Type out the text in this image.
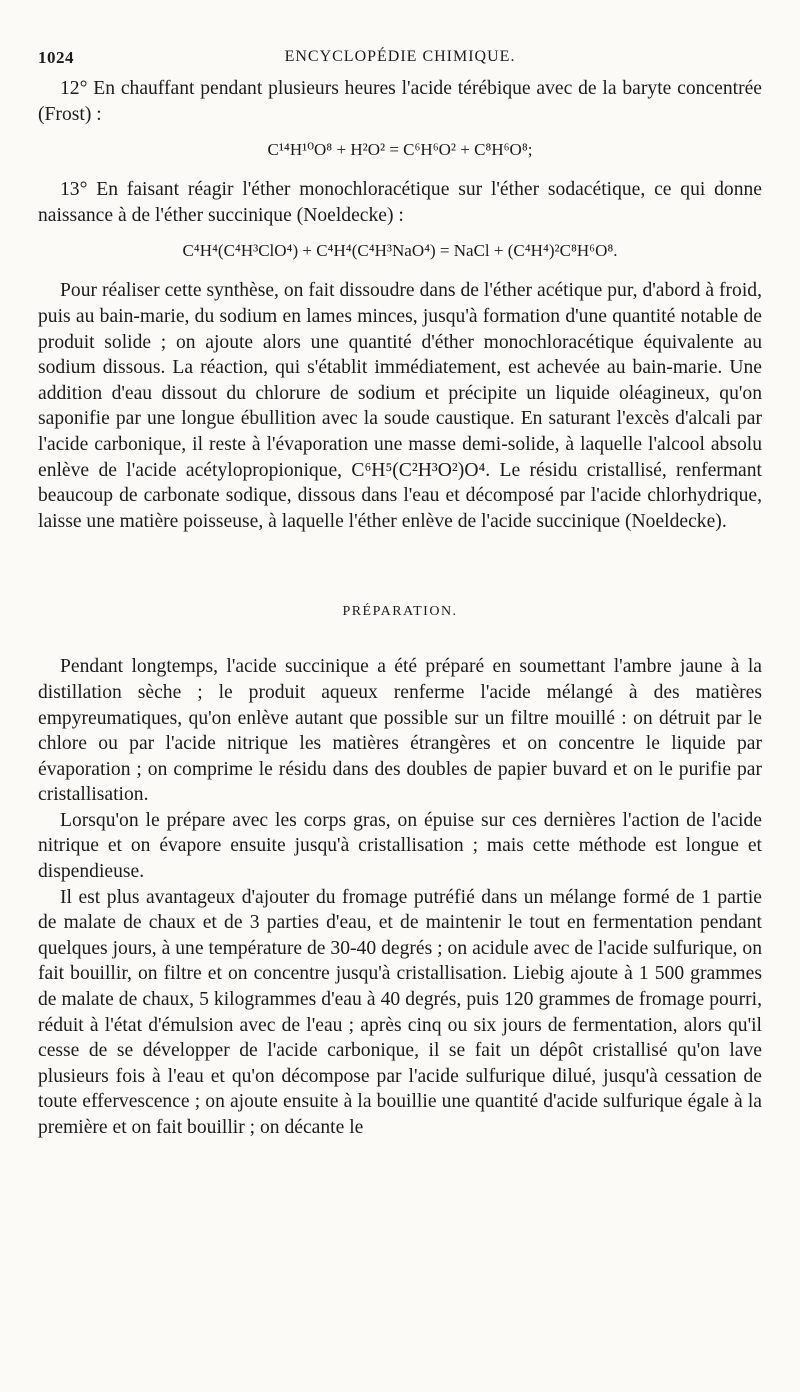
1024	ENCYCLOPÉDIE CHIMIQUE.

12° En chauffant pendant plusieurs heures l'acide térébique avec de la baryte concentrée (Frost) :

C¹⁴H¹⁰O⁸ + H²O² = C⁶H⁶O² + C⁸H⁶O⁸;

13° En faisant réagir l'éther monochloracétique sur l'éther sodacétique, ce qui donne naissance à de l'éther succinique (Noeldecke) :

C⁴H⁴(C⁴H³ClO⁴) + C⁴H⁴(C⁴H³NaO⁴) = NaCl + (C⁴H⁴)²C⁸H⁶O⁸.

Pour réaliser cette synthèse, on fait dissoudre dans de l'éther acétique pur, d'abord à froid, puis au bain-marie, du sodium en lames minces, jusqu'à formation d'une quantité notable de produit solide ; on ajoute alors une quantité d'éther monochloracétique équivalente au sodium dissous. La réaction, qui s'établit immédiatement, est achevée au bain-marie. Une addition d'eau dissout du chlorure de sodium et précipite un liquide oléagineux, qu'on saponifie par une longue ébullition avec la soude caustique. En saturant l'excès d'alcali par l'acide carbonique, il reste à l'évaporation une masse demi-solide, à laquelle l'alcool absolu enlève de l'acide acétylopropionique, C⁶H⁵(C²H³O²)O⁴. Le résidu cristallisé, renfermant beaucoup de carbonate sodique, dissous dans l'eau et décomposé par l'acide chlorhydrique, laisse une matière poisseuse, à laquelle l'éther enlève de l'acide succinique (Noeldecke).

PRÉPARATION.

Pendant longtemps, l'acide succinique a été préparé en soumettant l'ambre jaune à la distillation sèche ; le produit aqueux renferme l'acide mélangé à des matières empyreumatiques, qu'on enlève autant que possible sur un filtre mouillé : on détruit par le chlore ou par l'acide nitrique les matières étrangères et on concentre le liquide par évaporation ; on comprime le résidu dans des doubles de papier buvard et on le purifie par cristallisation.

Lorsqu'on le prépare avec les corps gras, on épuise sur ces dernières l'action de l'acide nitrique et on évapore ensuite jusqu'à cristallisation ; mais cette méthode est longue et dispendieuse.

Il est plus avantageux d'ajouter du fromage putréfié dans un mélange formé de 1 partie de malate de chaux et de 3 parties d'eau, et de maintenir le tout en fermentation pendant quelques jours, à une température de 30-40 degrés ; on acidule avec de l'acide sulfurique, on fait bouillir, on filtre et on concentre jusqu'à cristallisation. Liebig ajoute à 1 500 grammes de malate de chaux, 5 kilogrammes d'eau à 40 degrés, puis 120 grammes de fromage pourri, réduit à l'état d'émulsion avec de l'eau ; après cinq ou six jours de fermentation, alors qu'il cesse de se développer de l'acide carbonique, il se fait un dépôt cristallisé qu'on lave plusieurs fois à l'eau et qu'on décompose par l'acide sulfurique dilué, jusqu'à cessation de toute effervescence ; on ajoute ensuite à la bouillie une quantité d'acide sulfurique égale à la première et on fait bouillir ; on décante le
